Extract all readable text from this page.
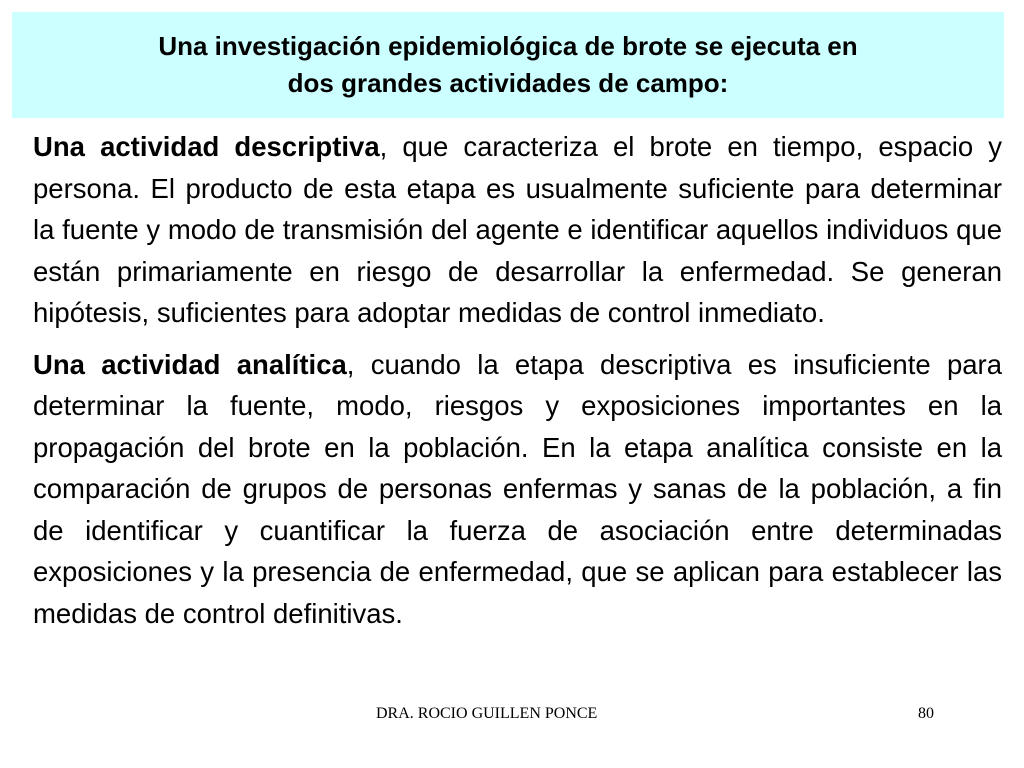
Una investigación epidemiológica de brote se ejecuta en
dos grandes actividades de campo:

Una actividad descriptiva, que caracteriza el brote en tiempo, espacio y persona. El producto de esta etapa es usualmente suficiente para determinar la fuente y modo de transmisión del agente e identificar aquellos individuos que están primariamente en riesgo de desarrollar la enfermedad. Se generan hipótesis, suficientes para adoptar medidas de control inmediato.

Una actividad analítica, cuando la etapa descriptiva es insuficiente para determinar la fuente, modo, riesgos y exposiciones importantes en la propagación del brote en la población. En la etapa analítica consiste en la comparación de grupos de personas enfermas y sanas de la población, a fin de identificar y cuantificar la fuerza de asociación entre determinadas exposiciones y la presencia de enfermedad, que se aplican para establecer las medidas de control definitivas.

DRA. ROCIO GUILLEN PONCE	80
